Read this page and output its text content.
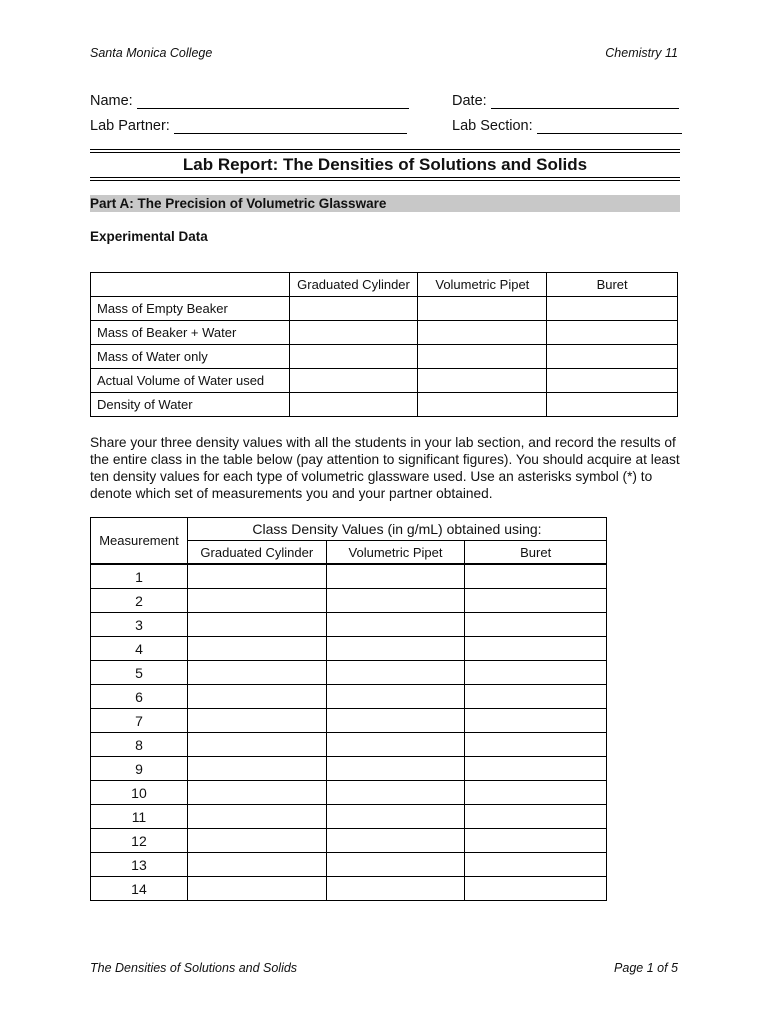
Santa Monica College	Chemistry 11
Name:	Date:
Lab Partner:	Lab Section:
Lab Report: The Densities of Solutions and Solids
Part A: The Precision of Volumetric Glassware
Experimental Data
	Graduated Cylinder	Volumetric Pipet	Buret
Mass of Empty Beaker			
Mass of Beaker + Water			
Mass of Water only			
Actual Volume of Water used			
Density of Water			
Share your three density values with all the students in your lab section, and record the results of the entire class in the table below (pay attention to significant figures). You should acquire at least ten density values for each type of volumetric glassware used. Use an asterisks symbol (*) to denote which set of measurements you and your partner obtained.
Measurement	Class Density Values (in g/mL) obtained using:		
	Graduated Cylinder	Volumetric Pipet	Buret
1			
2			
3			
4			
5			
6			
7			
8			
9			
10			
11			
12			
13			
14			
The Densities of Solutions and Solids	Page 1 of 5
